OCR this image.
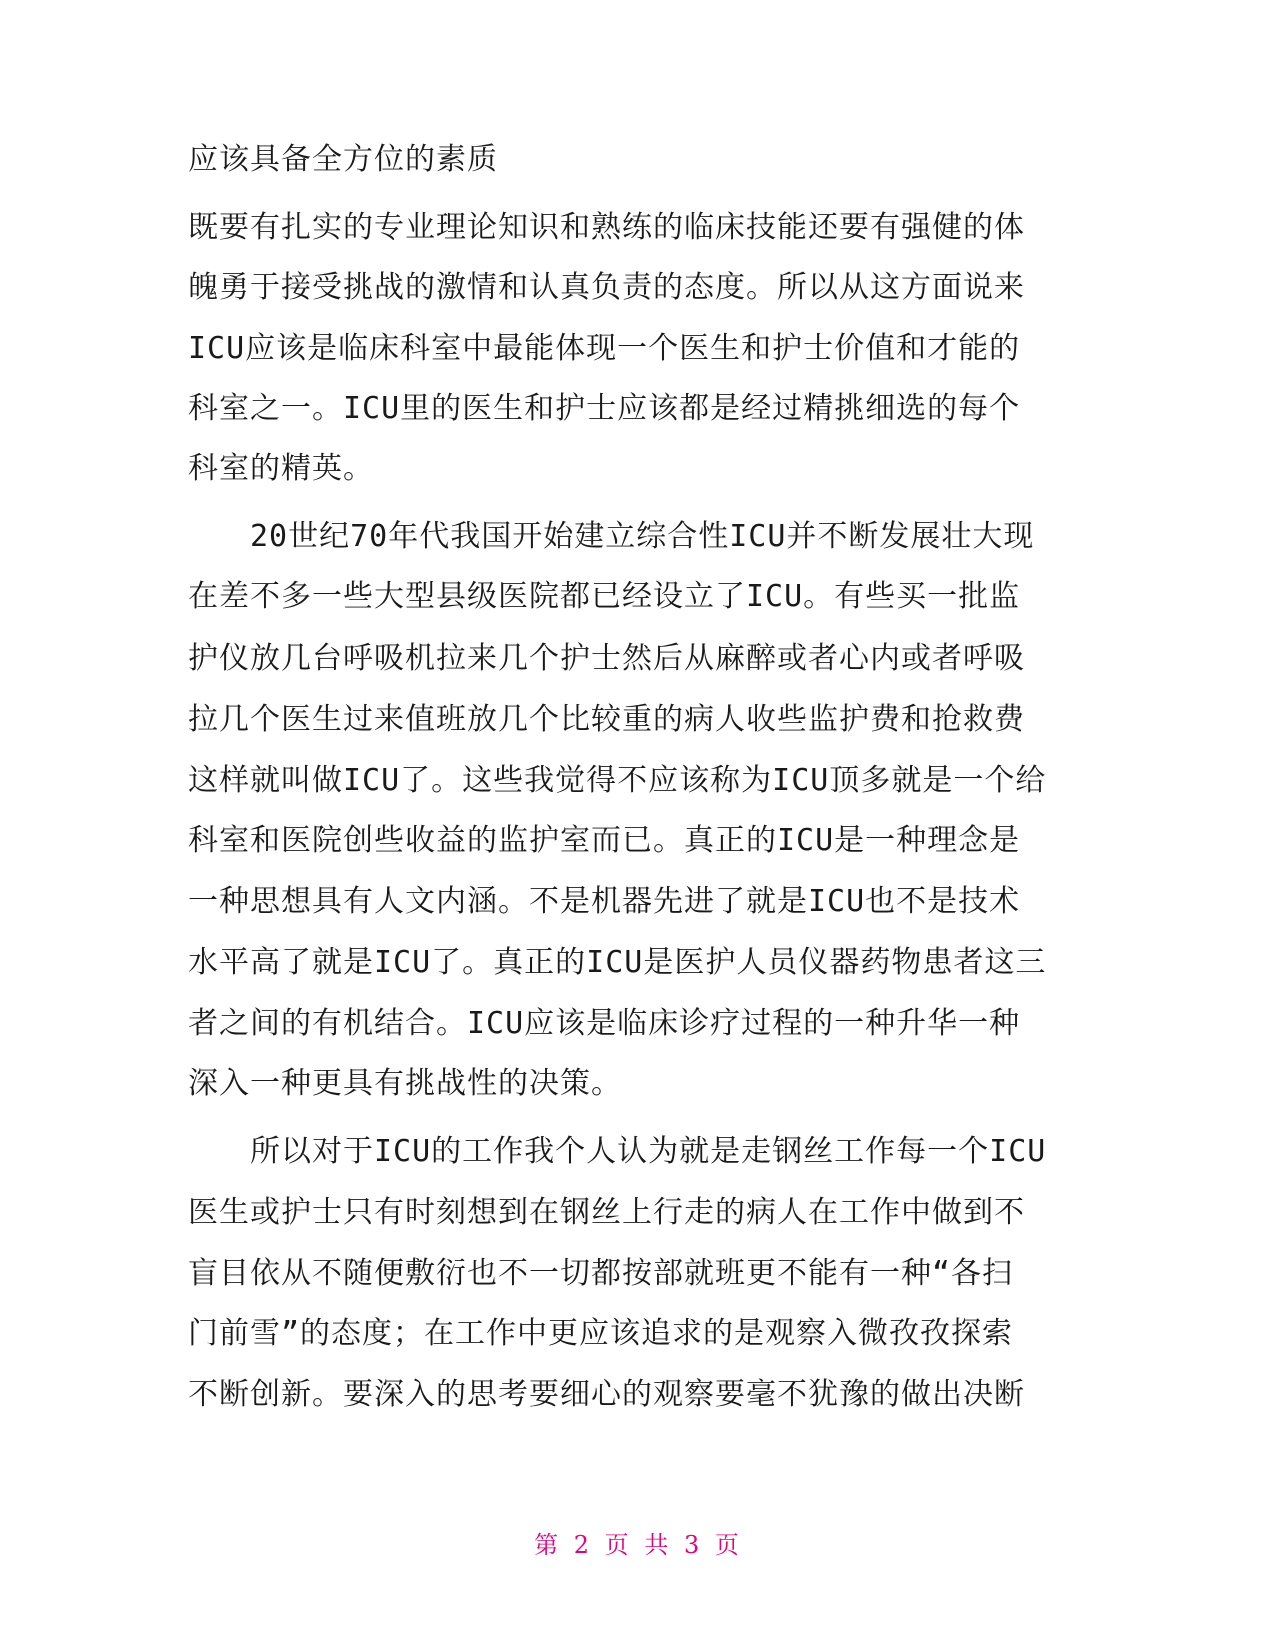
应该具备全方位的素质
既要有扎实的专业理论知识和熟练的临床技能还要有强健的体
魄勇于接受挑战的激情和认真负责的态度。所以从这方面说来
ICU应该是临床科室中最能体现一个医生和护士价值和才能的
科室之一。ICU里的医生和护士应该都是经过精挑细选的每个
科室的精英。
　　20世纪70年代我国开始建立综合性ICU并不断发展壮大现
在差不多一些大型县级医院都已经设立了ICU。有些买一批监
护仪放几台呼吸机拉来几个护士然后从麻醉或者心内或者呼吸
拉几个医生过来值班放几个比较重的病人收些监护费和抢救费
这样就叫做ICU了。这些我觉得不应该称为ICU顶多就是一个给
科室和医院创些收益的监护室而已。真正的ICU是一种理念是
一种思想具有人文内涵。不是机器先进了就是ICU也不是技术
水平高了就是ICU了。真正的ICU是医护人员仪器药物患者这三
者之间的有机结合。ICU应该是临床诊疗过程的一种升华一种
深入一种更具有挑战性的决策。
　　所以对于ICU的工作我个人认为就是走钢丝工作每一个ICU
医生或护士只有时刻想到在钢丝上行走的病人在工作中做到不
盲目依从不随便敷衍也不一切都按部就班更不能有一种“各扫
门前雪”的态度；在工作中更应该追求的是观察入微孜孜探索
不断创新。要深入的思考要细心的观察要毫不犹豫的做出决断
第 2 页 共 3 页
